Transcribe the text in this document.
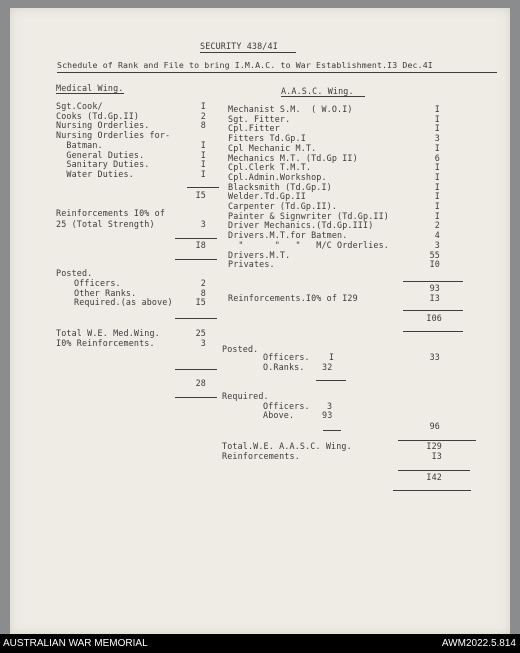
SECURITY 438/4I
Schedule of Rank and File to bring I.M.A.C. to War Establishment.I3 Dec.4I
Medical Wing.	A.A.S.C. Wing.
Sgt.Cook/	I
Cooks (Td.Gp.II)	2
Nursing Orderlies.	8
Nursing Orderlies for-
Batman.	I
General Duties.	I
Sanitary Duties.	I
Water Duties.	I
I5
Reinforcements I0% of
25 (Total Strength)	3
I8
Posted.
Officers.	2
Other Ranks.	8
Required.(as above)	I5
Total W.E. Med.Wing.	25
I0% Reinforcements.	3
28
Mechanist S.M.  ( W.O.I)	I
Sgt. Fitter.	I
Cpl.Fitter	I
Fitters Td.Gp.I	3
Cpl Mechanic M.T.	I
Mechanics M.T. (Td.Gp II)	6
Cpl.Clerk T.M.T.	I
Cpl.Admin.Workshop.	I
Blacksmith (Td.Gp.I)	I
Welder.Td.Gp.II	I
Carpenter (Td.Gp.II).	I
Painter & Signwriter (Td.Gp.II)	I
Driver Mechanics.(Td.Gp.III)	2
Drivers.M.T.for Batmen.	4
"      "   "   M/C Orderlies.	3
Drivers.M.T.	55
Privates.	I0
93
Reinforcements.I0% of I29	I3
I06
Posted.
Officers. I	33
O.Ranks. 32
Required.
Officers. 3
Above.	93
96
Total.W.E. A.A.S.C. Wing.	I29
Reinforcements.	I3
I42
AUSTRALIAN WAR MEMORIAL	AWM2022.5.814
